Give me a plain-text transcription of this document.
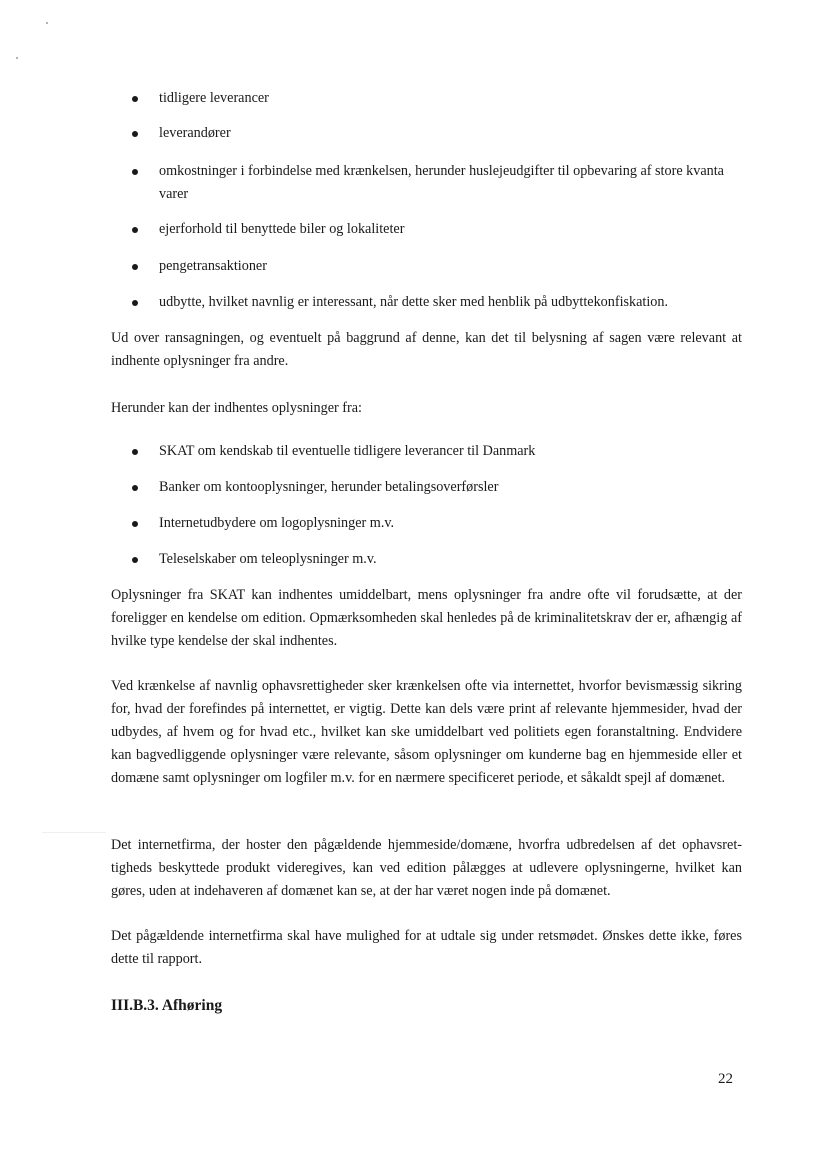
tidligere leverancer
leverandører
omkostninger i forbindelse med krænkelsen, herunder huslejeudgifter til opbevaring af store kvanta varer
ejerforhold til benyttede biler og lokaliteter
pengetransaktioner
udbytte, hvilket navnlig er interessant, når dette sker med henblik på udbyttekonfiskation.

Ud over ransagningen, og eventuelt på baggrund af denne, kan det til belysning af sagen være relevant at indhente oplysninger fra andre.

Herunder kan der indhentes oplysninger fra:

SKAT om kendskab til eventuelle tidligere leverancer til Danmark
Banker om kontooplysninger, herunder betalingsoverførsler
Internetudbydere om logoplysninger m.v.
Teleselskaber om teleoplysninger m.v.

Oplysninger fra SKAT kan indhentes umiddelbart, mens oplysninger fra andre ofte vil forudsætte, at der foreligger en kendelse om edition. Opmærksomheden skal henledes på de kriminalitetskrav der er, afhængig af hvilke type kendelse der skal indhentes.

Ved krænkelse af navnlig ophavsrettigheder sker krænkelsen ofte via internettet, hvorfor bevismæssig sikring for, hvad der forefindes på internettet, er vigtig. Dette kan dels være print af relevante hjemmesider, hvad der udbydes, af hvem og for hvad etc., hvilket kan ske umiddelbart ved politiets egen foranstaltning. Endvidere kan bagvedliggende oplysninger være relevante, såsom oplysninger om kunderne bag en hjemmeside eller et domæne samt oplysninger om logfiler m.v. for en nærmere specificeret periode, et såkaldt spejl af domænet.

Det internetfirma, der hoster den pågældende hjemmeside/domæne, hvorfra udbredelsen af det ophavsrettigheds beskyttede produkt videregives, kan ved edition pålægges at udlevere oplysningerne, hvilket kan gøres, uden at indehaveren af domænet kan se, at der har været nogen inde på domænet.

Det pågældende internetfirma skal have mulighed for at udtale sig under retsmødet. Ønskes dette ikke, føres dette til rapport.

III.B.3. Afhøring
22
